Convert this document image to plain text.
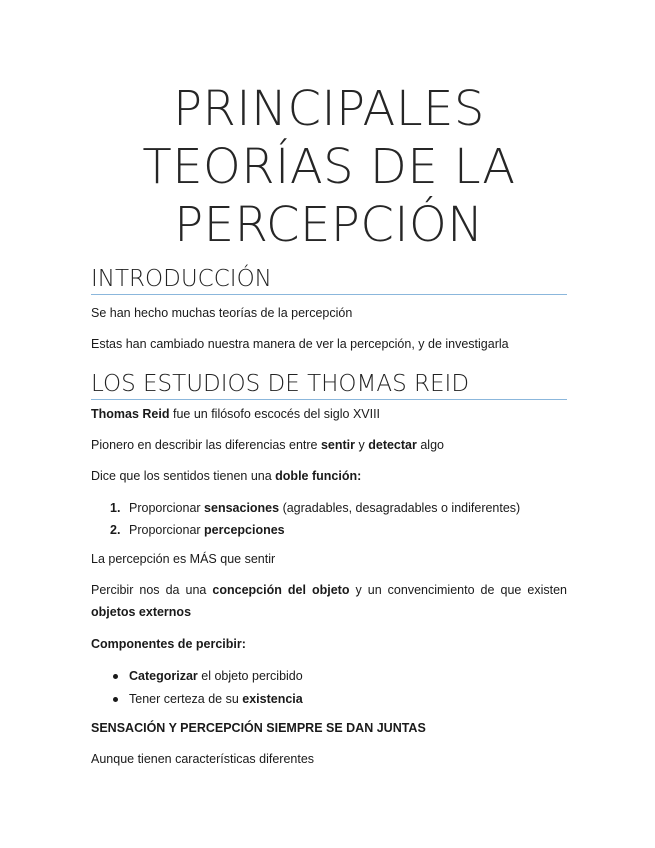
PRINCIPALES
TEORÍAS DE LA
PERCEPCIÓN
INTRODUCCIÓN

Se han hecho muchas teorías de la percepción

Estas han cambiado nuestra manera de ver la percepción, y de investigarla

LOS ESTUDIOS DE THOMAS REID

Thomas Reid fue un filósofo escocés del siglo XVIII

Pionero en describir las diferencias entre sentir y detectar algo

Dice que los sentidos tienen una doble función:

1. Proporcionar sensaciones (agradables, desagradables o indiferentes)
2. Proporcionar percepciones

La percepción es MÁS que sentir

Percibir nos da una concepción del objeto y un convencimiento de que existen objetos externos

Componentes de percibir:

Categorizar el objeto percibido
Tener certeza de su existencia

SENSACIÓN Y PERCEPCIÓN SIEMPRE SE DAN JUNTAS

Aunque tienen características diferentes
